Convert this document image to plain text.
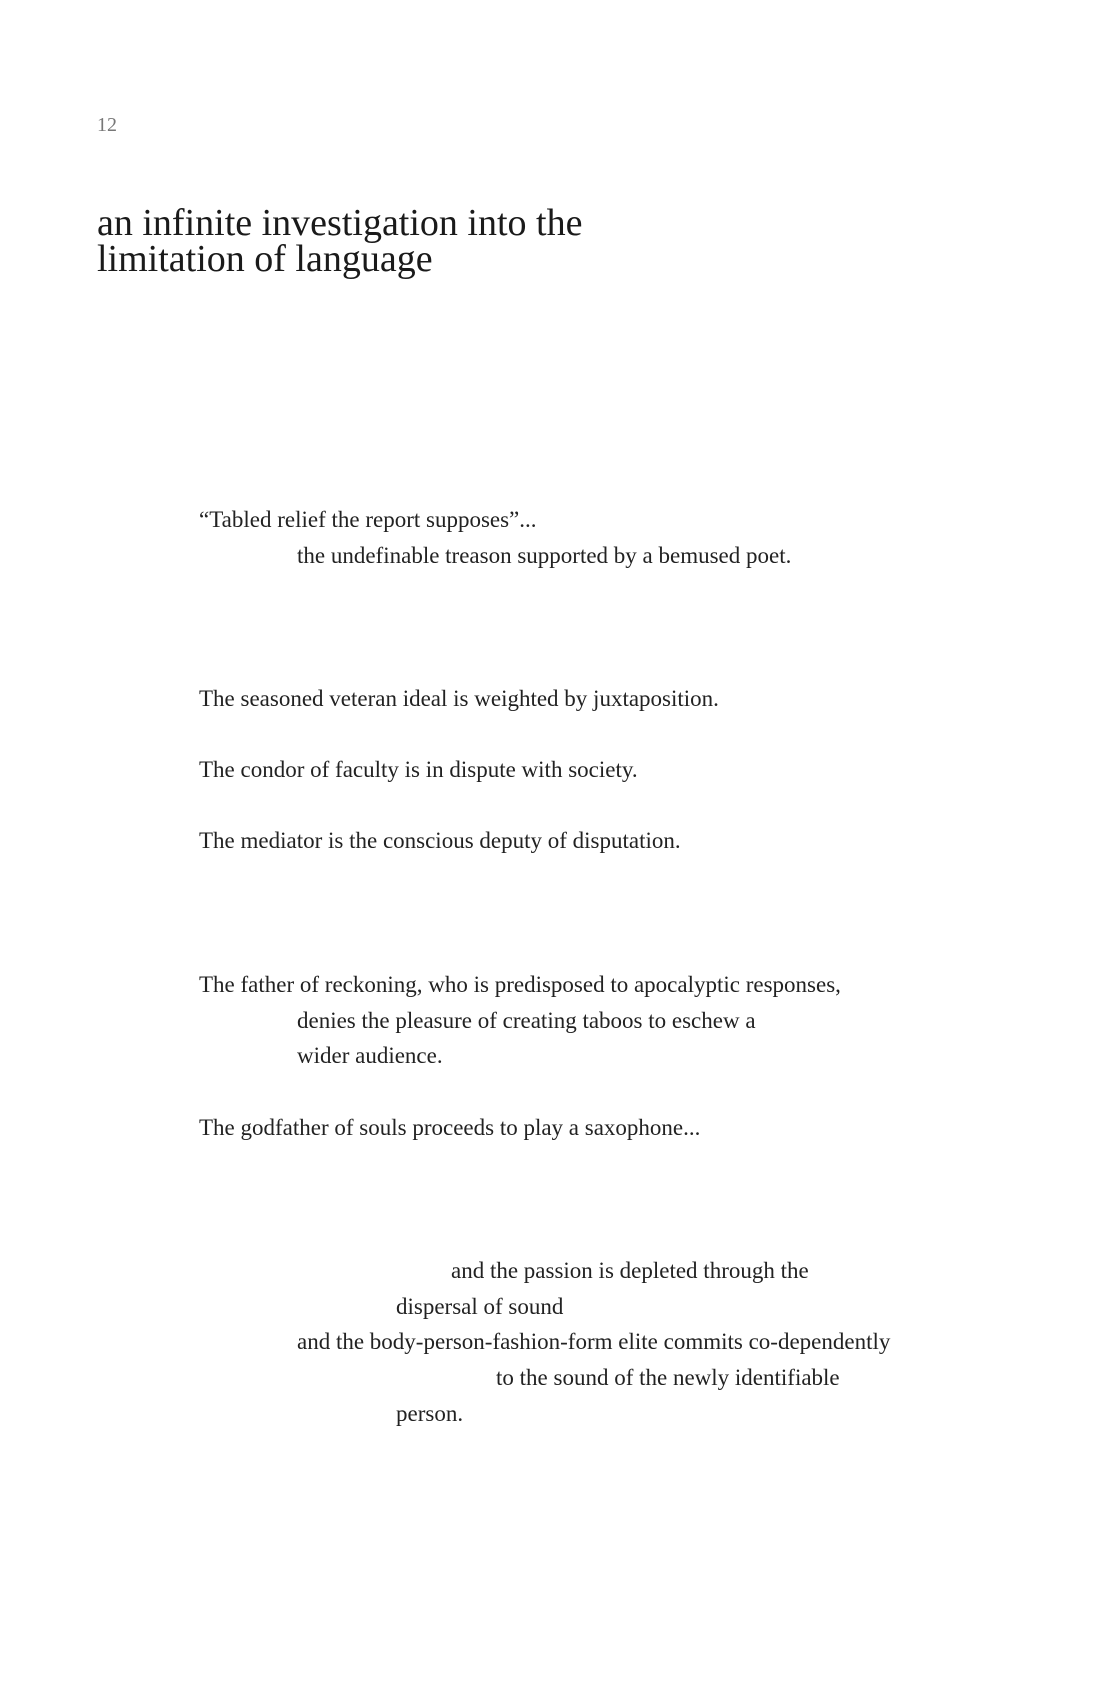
12
an infinite investigation into the
limitation of language
“Tabled relief the report supposes”...
the undefinable treason supported by a bemused poet.
The seasoned veteran ideal is weighted by juxtaposition.
The condor of faculty is in dispute with society.
The mediator is the conscious deputy of disputation.
The father of reckoning, who is predisposed to apocalyptic responses,
denies the pleasure of creating taboos to eschew a
wider audience.
The godfather of souls proceeds to play a saxophone...
and the passion is depleted through the
dispersal of sound
and the body-person-fashion-form elite commits co-dependently
to the sound of the newly identifiable
person.
